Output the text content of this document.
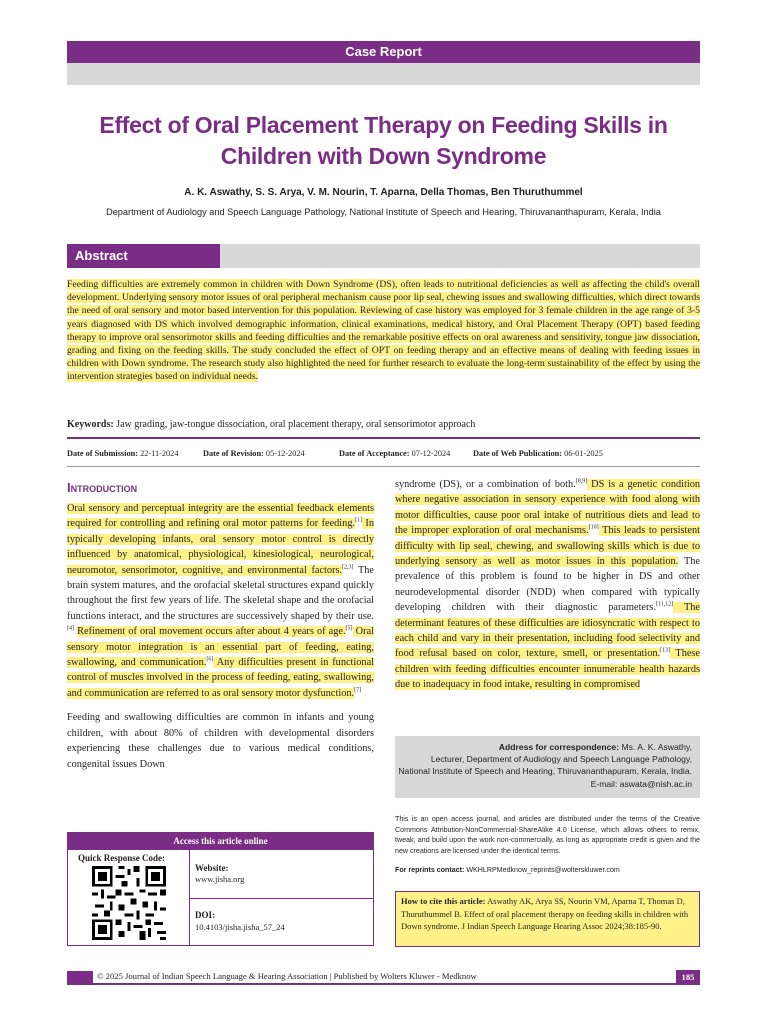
Case Report
Effect of Oral Placement Therapy on Feeding Skills in Children with Down Syndrome
A. K. Aswathy, S. S. Arya, V. M. Nourin, T. Aparna, Della Thomas, Ben Thuruthummel
Department of Audiology and Speech Language Pathology, National Institute of Speech and Hearing, Thiruvananthapuram, Kerala, India
Abstract
Feeding difficulties are extremely common in children with Down Syndrome (DS), often leads to nutritional deficiencies as well as affecting the child's overall development. Underlying sensory motor issues of oral peripheral mechanism cause poor lip seal, chewing issues and swallowing difficulties, which direct towards the need of oral sensory and motor based intervention for this population. Reviewing of case history was employed for 3 female children in the age range of 3-5 years diagnosed with DS which involved demographic information, clinical examinations, medical history, and Oral Placement Therapy (OPT) based feeding therapy to improve oral sensorimotor skills and feeding difficulties and the remarkable positive effects on oral awareness and sensitivity, tongue jaw dissociation, grading and fixing on the feeding skills. The study concluded the effect of OPT on feeding therapy and an effective means of dealing with feeding issues in children with Down syndrome. The research study also highlighted the need for further research to evaluate the long-term sustainability of the effect by using the intervention strategies based on individual needs.
Keywords: Jaw grading, jaw-tongue dissociation, oral placement therapy, oral sensorimotor approach
Date of Submission: 22-11-2024	Date of Revision: 05-12-2024	Date of Acceptance: 07-12-2024	Date of Web Publication: 06-01-2025
Introduction

Oral sensory and perceptual integrity are the essential feedback elements required for controlling and refining oral motor patterns for feeding.[1] In typically developing infants, oral sensory motor control is directly influenced by anatomical, physiological, kinesiological, neurological, neuromotor, sensorimotor, cognitive, and environmental factors.[2,3] The brain system matures, and the orofacial skeletal structures expand quickly throughout the first few years of life. The skeletal shape and the orofacial functions interact, and the structures are successively shaped by their use.[4] Refinement of oral movement occurs after about 4 years of age.[5] Oral sensory motor integration is an essential part of feeding, eating, swallowing, and communication.[6] Any difficulties present in functional control of muscles involved in the process of feeding, eating, swallowing, and communication are referred to as oral sensory motor dysfunction.[7]

Feeding and swallowing difficulties are common in infants and young children, with about 80% of children with developmental disorders experiencing these challenges due to various medical conditions, congenital issues Down

syndrome (DS), or a combination of both.[8,9] DS is a genetic condition where negative association in sensory experience with food along with motor difficulties, cause poor oral intake of nutritious diets and lead to the improper exploration of oral mechanisms.[10] This leads to persistent difficulty with lip seal, chewing, and swallowing skills which is due to underlying sensory as well as motor issues in this population. The prevalence of this problem is found to be higher in DS and other neurodevelopmental disorder (NDD) when compared with typically developing children with their diagnostic parameters.[11,12] The determinant features of these difficulties are idiosyncratic with respect to each child and vary in their presentation, including food selectivity and food refusal based on color, texture, smell, or presentation.[13] These children with feeding difficulties encounter innumerable health hazards due to inadequacy in food intake, resulting in compromised

Access this article online
Quick Response Code:
Website:
www.jisha.org
DOI:
10.4103/jisha.jisha_57_24
Address for correspondence: Ms. A. K. Aswathy,
Lecturer, Department of Audiology and Speech Language Pathology,
National Institute of Speech and Hearing, Thiruvananthapuram, Kerala, India.
E-mail: aswata@nish.ac.in
This is an open access journal, and articles are distributed under the terms of the Creative Commons Attribution-NonCommercial-ShareAlike 4.0 License, which allows others to remix, tweak, and build upon the work non-commercially, as long as appropriate credit is given and the new creations are licensed under the identical terms.
For reprints contact: WKHLRPMedknow_reprints@wolterskluwer.com
How to cite this article: Aswathy AK, Arya SS, Nourin VM, Aparna T, Thomas D, Thuruthummel B. Effect of oral placement therapy on feeding skills in children with Down syndrome. J Indian Speech Language Hearing Assoc 2024;38:185-90.
© 2025 Journal of Indian Speech Language & Hearing Association | Published by Wolters Kluwer - Medknow	185
